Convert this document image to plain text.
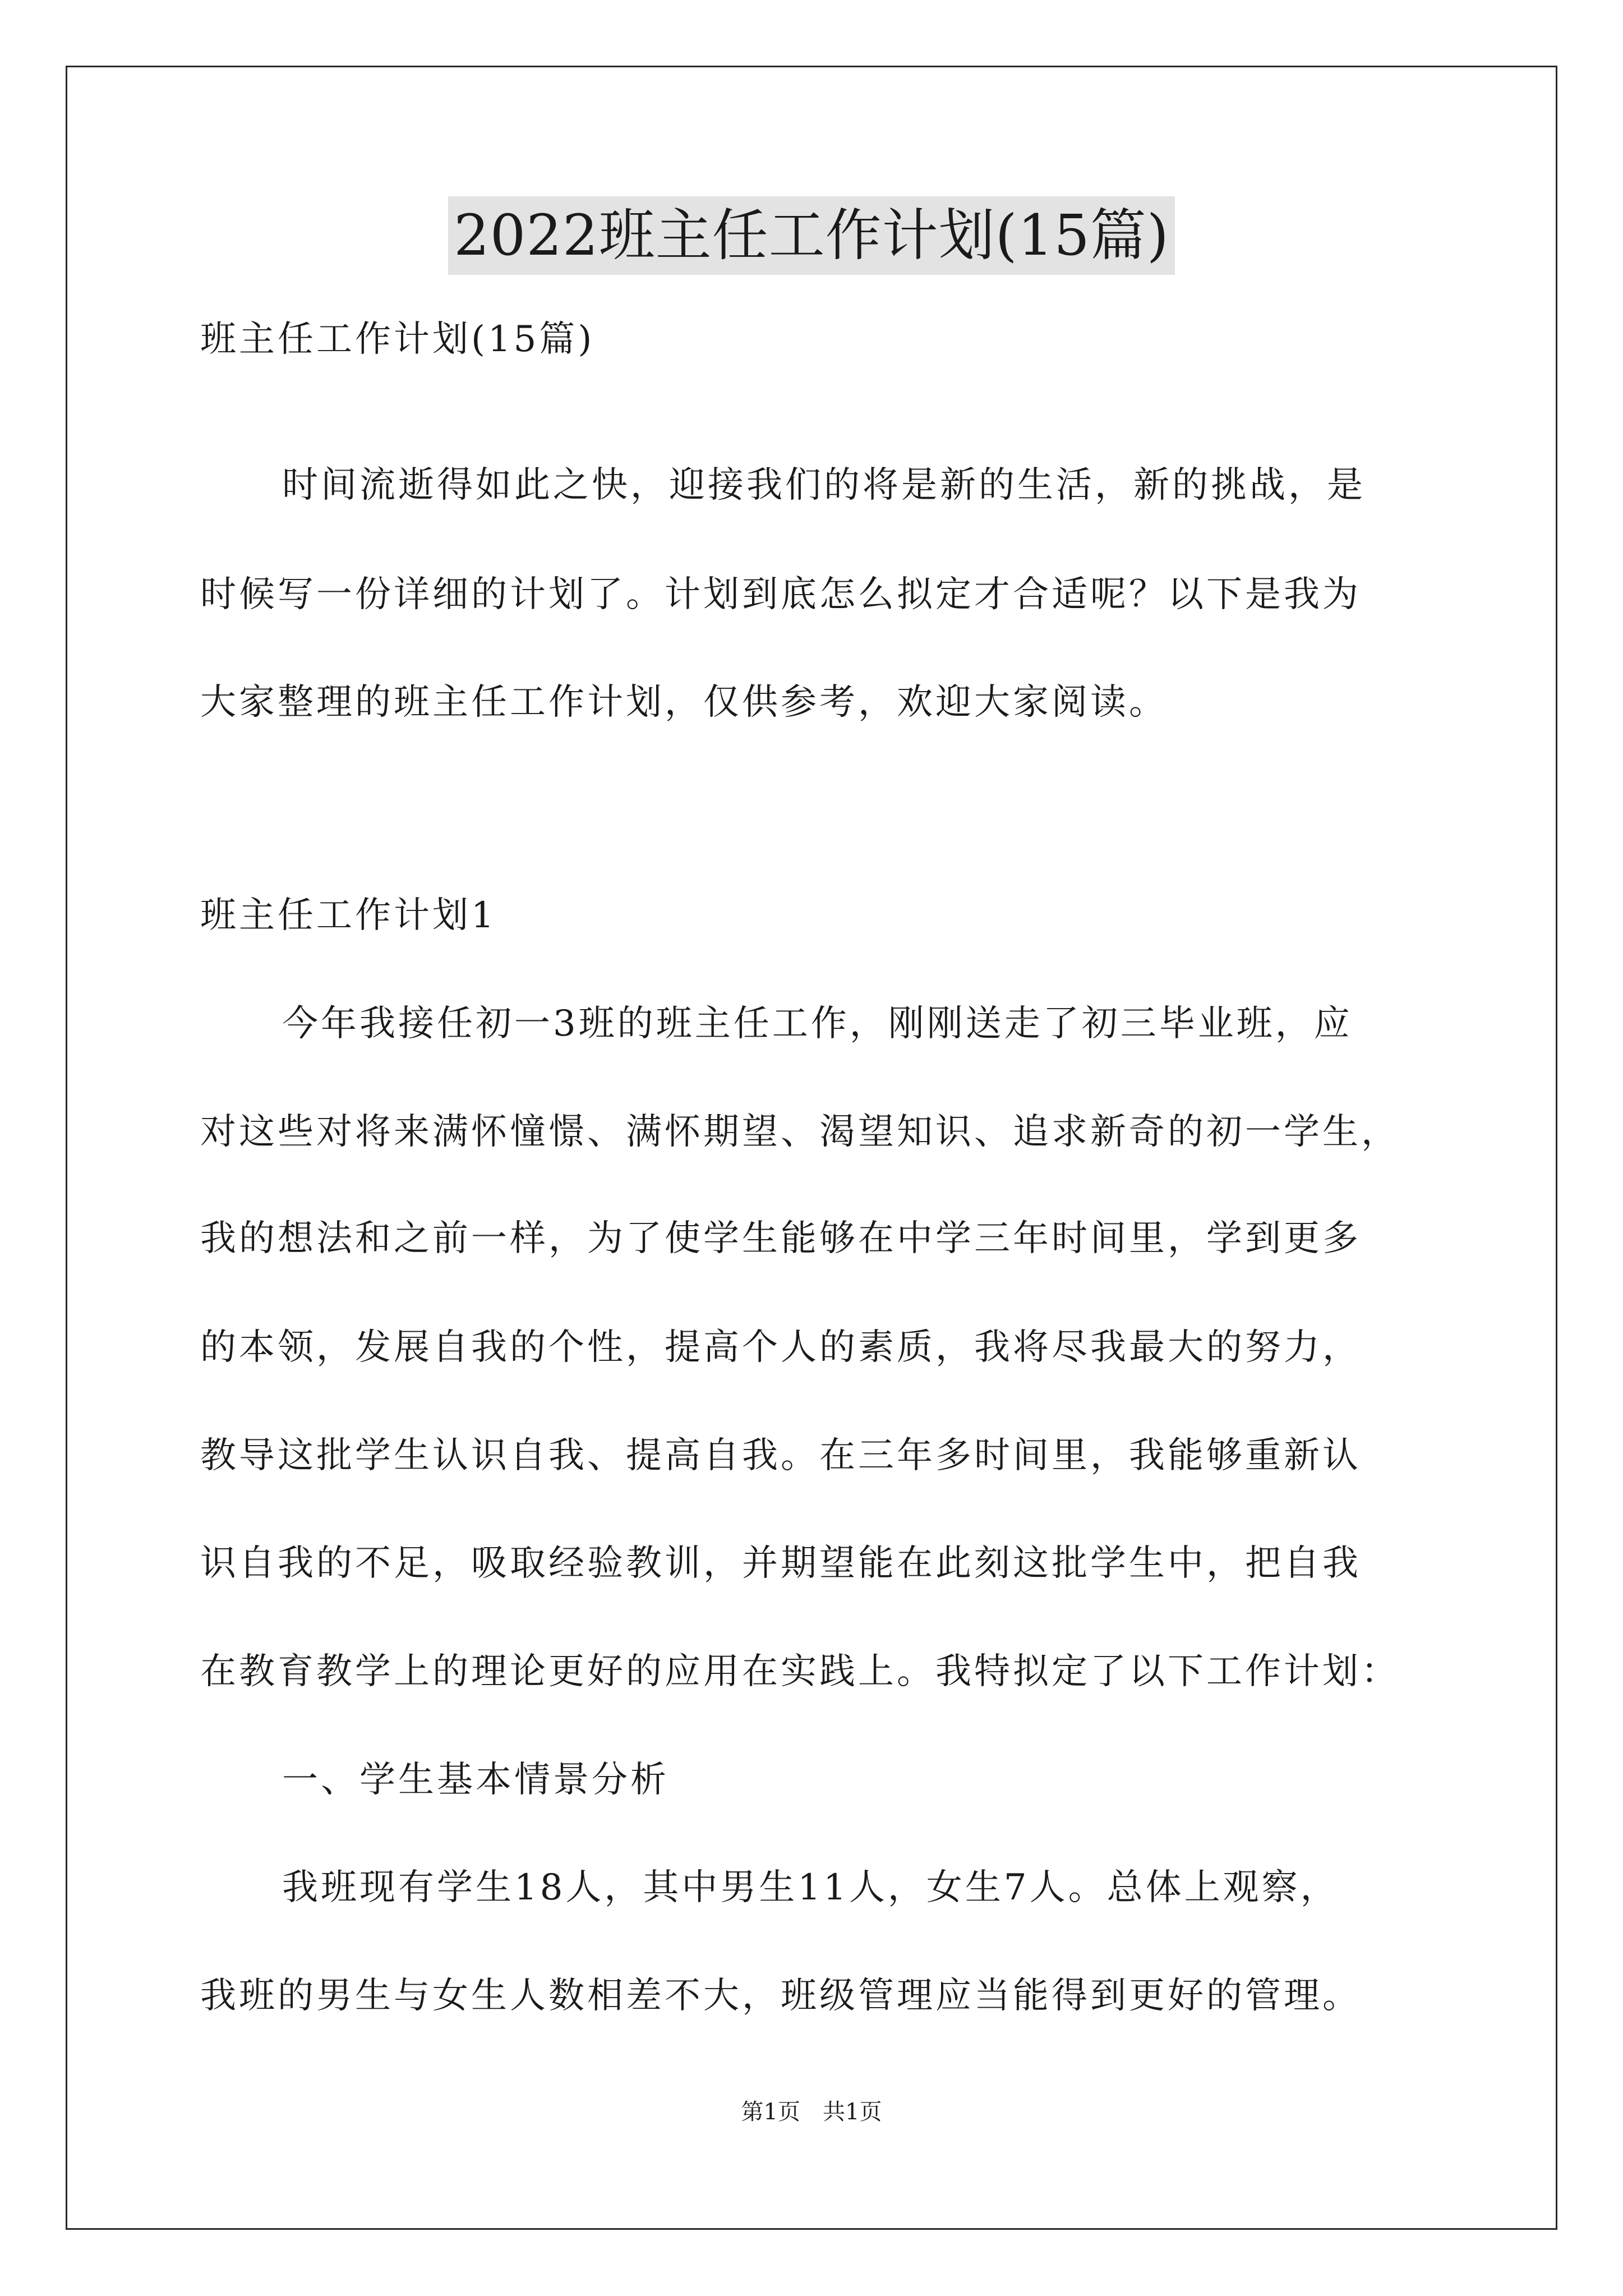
2022班主任工作计划(15篇)

班主任工作计划(15篇)

时间流逝得如此之快，迎接我们的将是新的生活，新的挑战，是

时候写一份详细的计划了。计划到底怎么拟定才合适呢？以下是我为

大家整理的班主任工作计划，仅供参考，欢迎大家阅读。

班主任工作计划1

今年我接任初一3班的班主任工作，刚刚送走了初三毕业班，应

对这些对将来满怀憧憬、满怀期望、渴望知识、追求新奇的初一学生，

我的想法和之前一样，为了使学生能够在中学三年时间里，学到更多

的本领，发展自我的个性，提高个人的素质，我将尽我最大的努力，

教导这批学生认识自我、提高自我。在三年多时间里，我能够重新认

识自我的不足，吸取经验教训，并期望能在此刻这批学生中，把自我

在教育教学上的理论更好的应用在实践上。我特拟定了以下工作计划：

一、学生基本情景分析

我班现有学生18人，其中男生11人，女生7人。总体上观察，

我班的男生与女生人数相差不大，班级管理应当能得到更好的管理。

第1页　共1页
